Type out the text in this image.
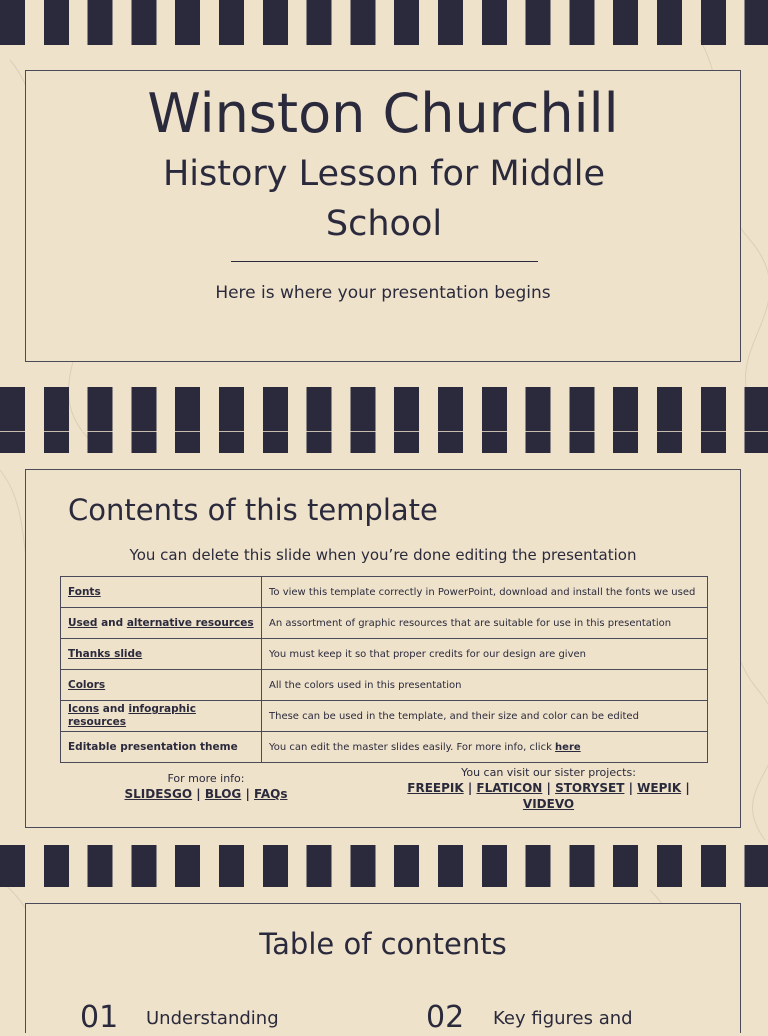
Winston Churchill
History Lesson for Middle School
Here is where your presentation begins
Contents of this template
You can delete this slide when you’re done editing the presentation
Fonts	To view this template correctly in PowerPoint, download and install the fonts we used
Used and alternative resources	An assortment of graphic resources that are suitable for use in this presentation
Thanks slide	You must keep it so that proper credits for our design are given
Colors	All the colors used in this presentation
Icons and infographic resources	These can be used in the template, and their size and color can be edited
Editable presentation theme	You can edit the master slides easily. For more info, click here
For more info:
SLIDESGO | BLOG | FAQs
You can visit our sister projects:
FREEPIK | FLATICON | STORYSET | WEPIK |
VIDEVO
Table of contents
01 Understanding	02 Key figures and
